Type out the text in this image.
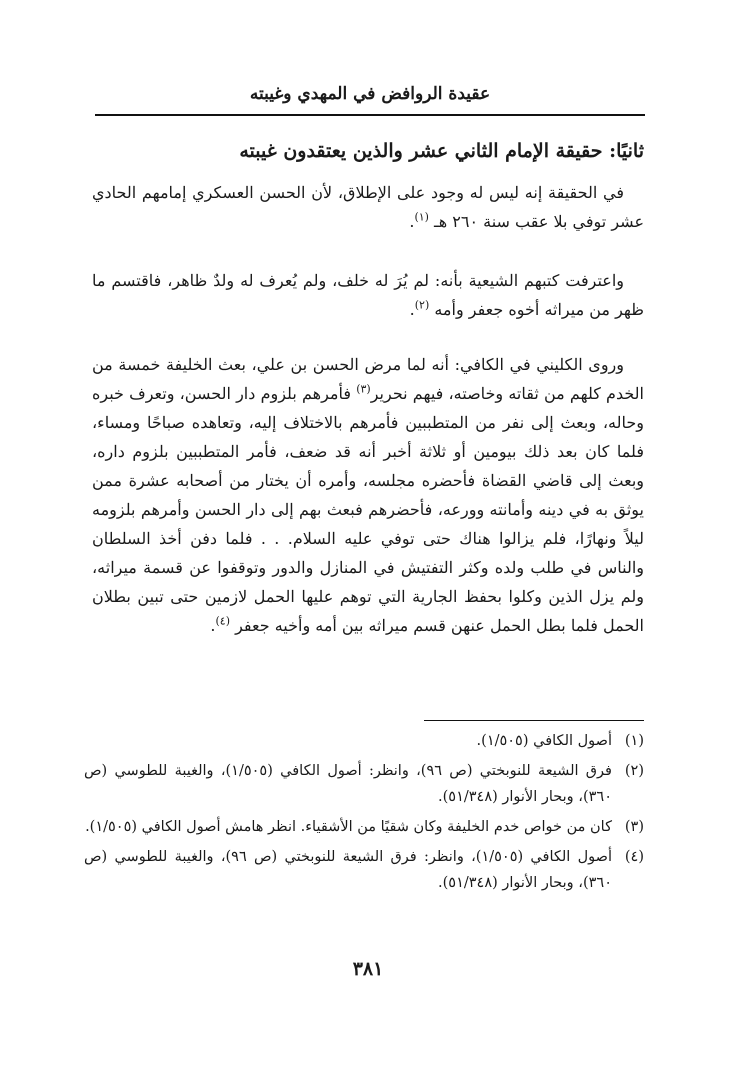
عقيدة الروافض في المهدي وغيبته
ثانيًا: حقيقة الإمام الثاني عشر والذين يعتقدون غيبته
في الحقيقة إنه ليس له وجود على الإطلاق، لأن الحسن العسكري إمامهم الحادي عشر توفي بلا عقب سنة ٢٦٠ هـ $^{(١)}$.
واعترفت كتبهم الشيعية بأنه: لم يُرَ له خلف، ولم يُعرف له ولدٌ ظاهر، فاقتسم ما ظهر من ميراثه أخوه جعفر وأمه $^{(٢)}$.
وروى الكليني في الكافي: أنه لما مرض الحسن بن علي، بعث الخليفة خمسة من الخدم كلهم من ثقاته وخاصته، فيهم نحرير$^{(٣)}$ فأمرهم بلزوم دار الحسن، وتعرف خبره وحاله، وبعث إلى نفر من المتطببين فأمرهم بالاختلاف إليه، وتعاهده صباحًا ومساء، فلما كان بعد ذلك بيومين أو ثلاثة أخبر أنه قد ضعف، فأمر المتطببين بلزوم داره، وبعث إلى قاضي القضاة فأحضره مجلسه، وأمره أن يختار من أصحابه عشرة ممن يوثق به في دينه وأمانته وورعه، فأحضرهم فبعث بهم إلى دار الحسن وأمرهم بلزومه ليلاً ونهارًا، فلم يزالوا هناك حتى توفي عليه السلام. . . فلما دفن أخذ السلطان والناس في طلب ولده وكثر التفتيش في المنازل والدور وتوقفوا عن قسمة ميراثه، ولم يزل الذين وكلوا بحفظ الجارية التي توهم عليها الحمل لازمين حتى تبين بطلان الحمل فلما بطل الحمل عنهن قسم ميراثه بين أمه وأخيه جعفر $^{(٤)}$.
(١)
أصول الكافي (١/٥٠٥).
(٢)
فرق الشيعة للنوبختي (ص ٩٦)، وانظر: أصول الكافي (١/٥٠٥)، والغيبة للطوسي (ص ٣٦٠)، وبحار الأنوار (٥١/٣٤٨).
(٣)
كان من خواص خدم الخليفة وكان شقيًا من الأشقياء. انظر هامش أصول الكافي (١/٥٠٥).
(٤)
أصول الكافي (١/٥٠٥)، وانظر: فرق الشيعة للنوبختي (ص ٩٦)، والغيبة للطوسي (ص ٣٦٠)، وبحار الأنوار (٥١/٣٤٨).
٣٨١
